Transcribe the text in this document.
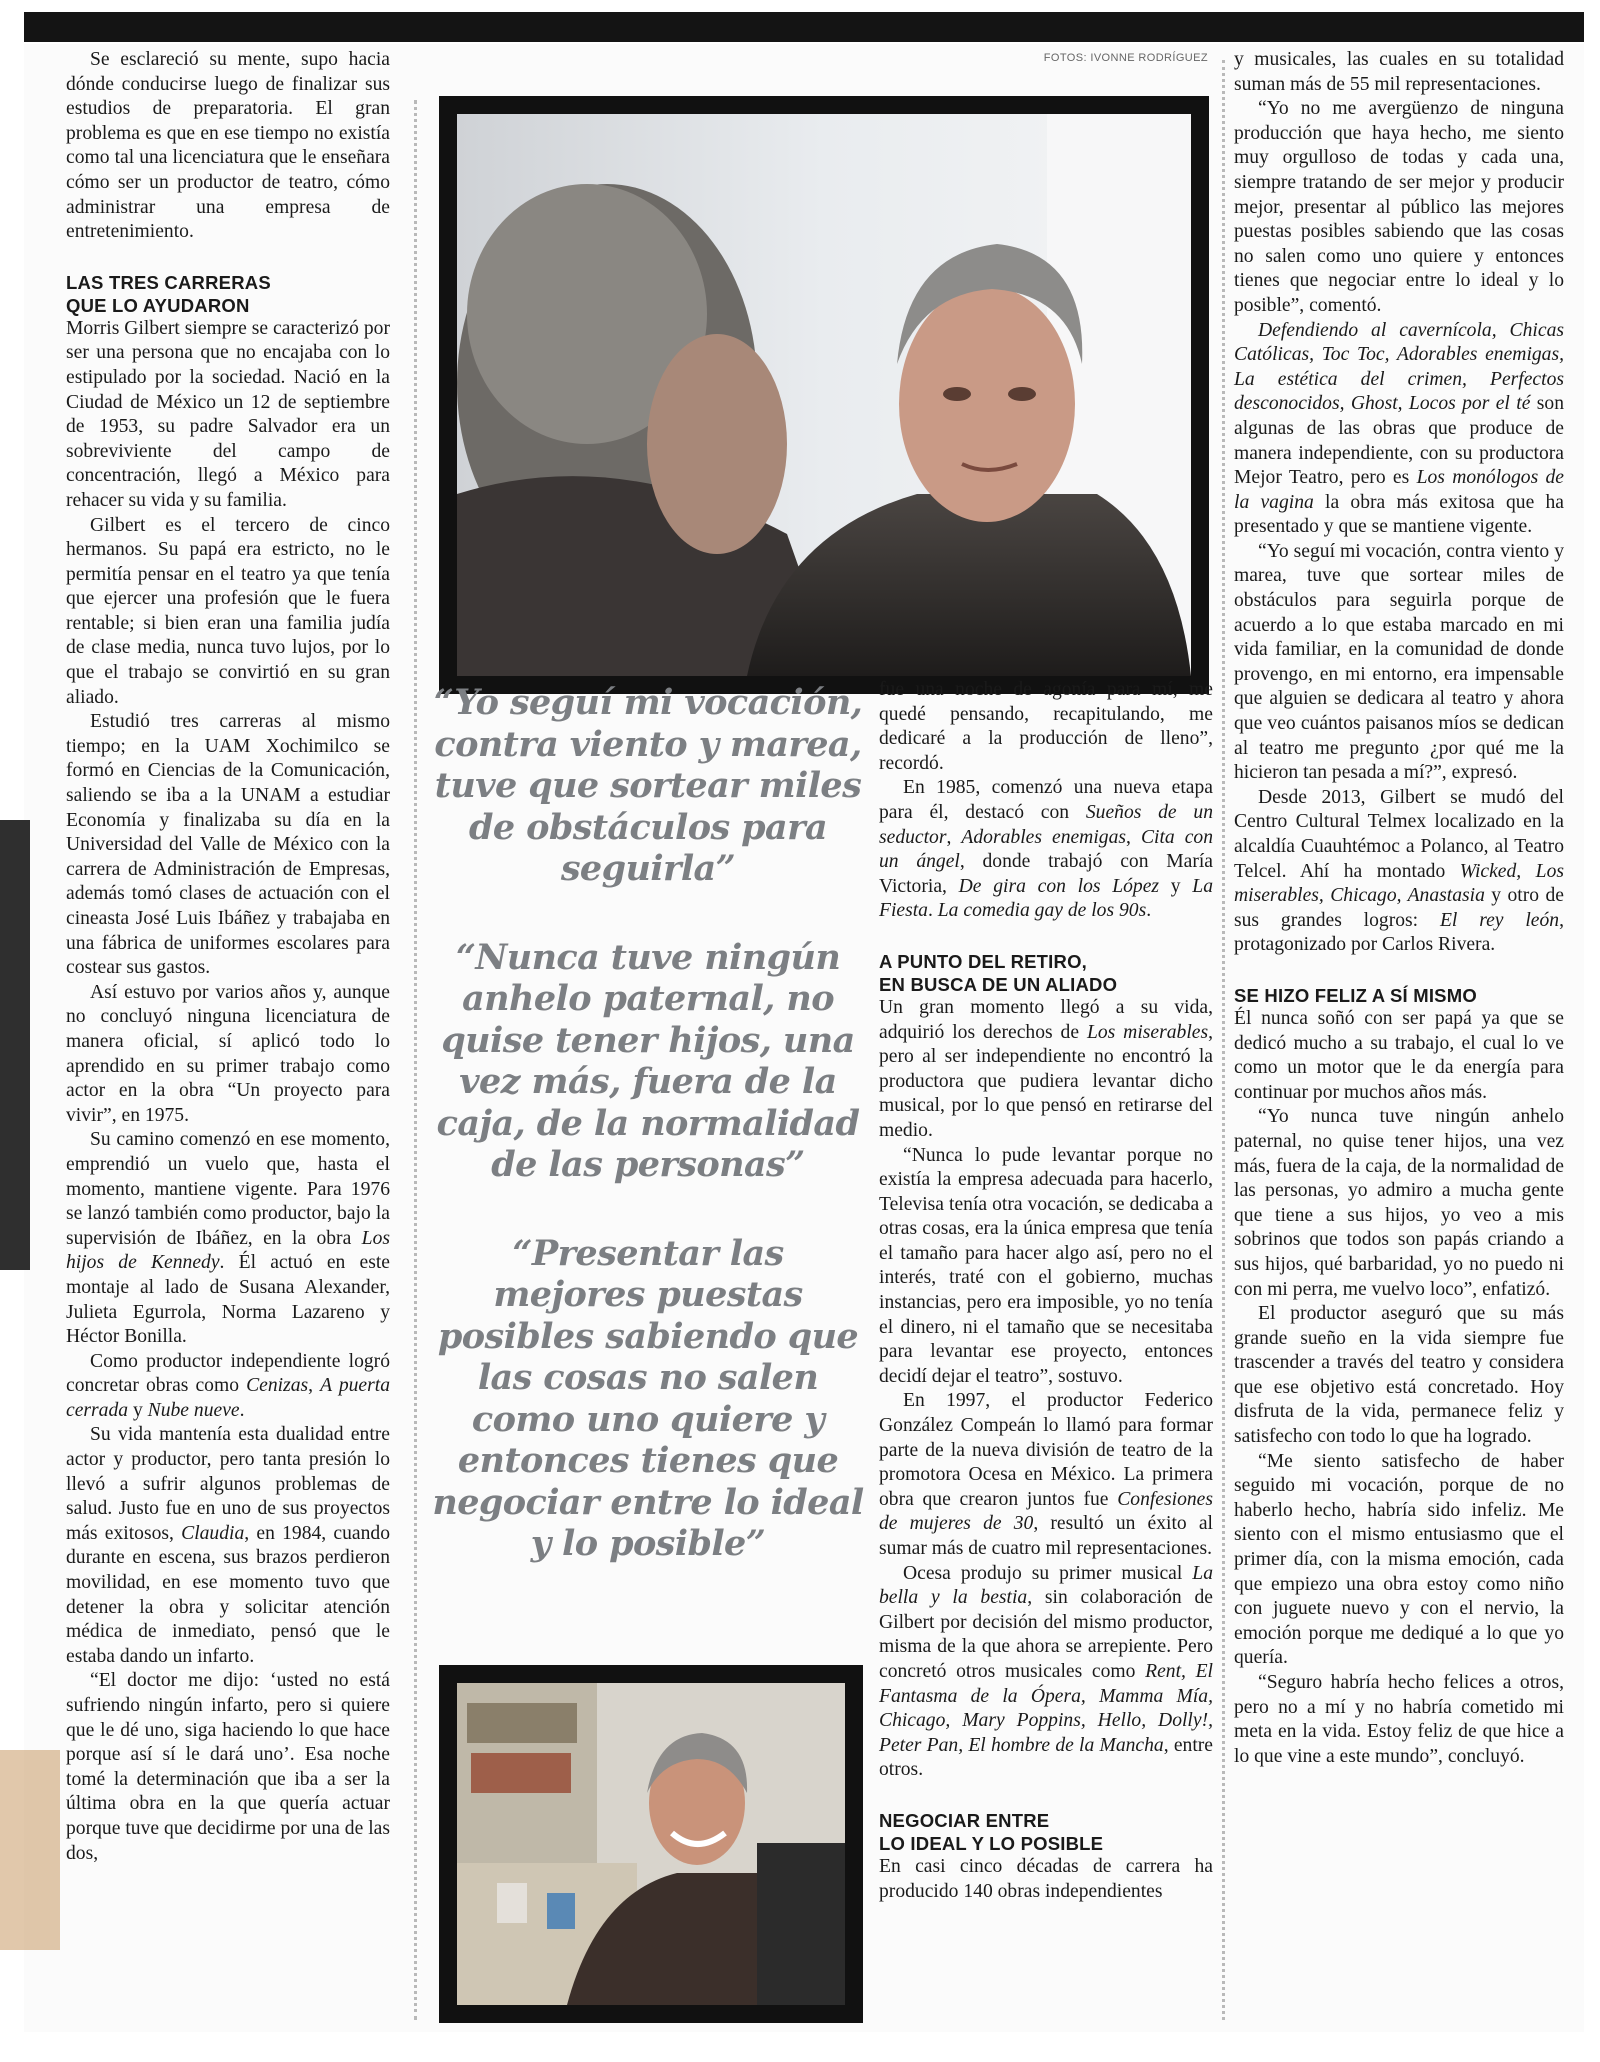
FOTOS: IVONNE RODRÍGUEZ

“Yo seguí mi vocación, contra viento y marea, tuve que sortear miles de obstáculos para seguirla”

“Nunca tuve ningún anhelo paternal, no quise tener hijos, una vez más, fuera de la caja, de la normalidad de las personas”

“Presentar las mejores puestas posibles sabiendo que las cosas no salen como uno quiere y entonces tienes que negociar entre lo ideal y lo posible”

Se esclareció su mente, supo hacia dónde conducirse luego de finalizar sus estudios de preparatoria. El gran problema es que en ese tiempo no existía como tal una licenciatura que le enseñara cómo ser un productor de teatro, cómo administrar una empresa de entretenimiento.

LAS TRES CARRERAS
QUE LO AYUDARON

Morris Gilbert siempre se caracterizó por ser una persona que no encajaba con lo estipulado por la sociedad. Nació en la Ciudad de México un 12 de septiembre de 1953, su padre Salvador era un sobreviviente del campo de concentración, llegó a México para rehacer su vida y su familia.

Gilbert es el tercero de cinco hermanos. Su papá era estricto, no le permitía pensar en el teatro ya que tenía que ejercer una profesión que le fuera rentable; si bien eran una familia judía de clase media, nunca tuvo lujos, por lo que el trabajo se convirtió en su gran aliado.

Estudió tres carreras al mismo tiempo; en la UAM Xochimilco se formó en Ciencias de la Comunicación, saliendo se iba a la UNAM a estudiar Economía y finalizaba su día en la Universidad del Valle de México con la carrera de Administración de Empresas, además tomó clases de actuación con el cineasta José Luis Ibáñez y trabajaba en una fábrica de uniformes escolares para costear sus gastos.

Así estuvo por varios años y, aunque no concluyó ninguna licenciatura de manera oficial, sí aplicó todo lo aprendido en su primer trabajo como actor en la obra “Un proyecto para vivir”, en 1975.

Su camino comenzó en ese momento, emprendió un vuelo que, hasta el momento, mantiene vigente. Para 1976 se lanzó también como productor, bajo la supervisión de Ibáñez, en la obra Los hijos de Kennedy. Él actuó en este montaje al lado de Susana Alexander, Julieta Egurrola, Norma Lazareno y Héctor Bonilla.

Como productor independiente logró concretar obras como Cenizas, A puerta cerrada y Nube nueve.

Su vida mantenía esta dualidad entre actor y productor, pero tanta presión lo llevó a sufrir algunos problemas de salud. Justo fue en uno de sus proyectos más exitosos, Claudia, en 1984, cuando durante en escena, sus brazos perdieron movilidad, en ese momento tuvo que detener la obra y solicitar atención médica de inmediato, pensó que le estaba dando un infarto.

“El doctor me dijo: ‘usted no está sufriendo ningún infarto, pero si quiere que le dé uno, siga haciendo lo que hace porque así sí le dará uno’. Esa noche tomé la determinación que iba a ser la última obra en la que quería actuar porque tuve que decidirme por una de las dos,

fue una noche de agonía para mí, me quedé pensando, recapitulando, me dedicaré a la producción de lleno”, recordó.

En 1985, comenzó una nueva etapa para él, destacó con Sueños de un seductor, Adorables enemigas, Cita con un ángel, donde trabajó con María Victoria, De gira con los López y La Fiesta. La comedia gay de los 90s.

A PUNTO DEL RETIRO,
EN BUSCA DE UN ALIADO

Un gran momento llegó a su vida, adquirió los derechos de Los miserables, pero al ser independiente no encontró la productora que pudiera levantar dicho musical, por lo que pensó en retirarse del medio.

“Nunca lo pude levantar porque no existía la empresa adecuada para hacerlo, Televisa tenía otra vocación, se dedicaba a otras cosas, era la única empresa que tenía el tamaño para hacer algo así, pero no el interés, traté con el gobierno, muchas instancias, pero era imposible, yo no tenía el dinero, ni el tamaño que se necesitaba para levantar ese proyecto, entonces decidí dejar el teatro”, sostuvo.

En 1997, el productor Federico González Compeán lo llamó para formar parte de la nueva división de teatro de la promotora Ocesa en México. La primera obra que crearon juntos fue Confesiones de mujeres de 30, resultó un éxito al sumar más de cuatro mil representaciones.

Ocesa produjo su primer musical La bella y la bestia, sin colaboración de Gilbert por decisión del mismo productor, misma de la que ahora se arrepiente. Pero concretó otros musicales como Rent, El Fantasma de la Ópera, Mamma Mía, Chicago, Mary Poppins, Hello, Dolly!, Peter Pan, El hombre de la Mancha, entre otros.

NEGOCIAR ENTRE
LO IDEAL Y LO POSIBLE

En casi cinco décadas de carrera ha producido 140 obras independientes

y musicales, las cuales en su totalidad suman más de 55 mil representaciones.

“Yo no me avergüenzo de ninguna producción que haya hecho, me siento muy orgulloso de todas y cada una, siempre tratando de ser mejor y producir mejor, presentar al público las mejores puestas posibles sabiendo que las cosas no salen como uno quiere y entonces tienes que negociar entre lo ideal y lo posible”, comentó.

Defendiendo al cavernícola, Chicas Católicas, Toc Toc, Adorables enemigas, La estética del crimen, Perfectos desconocidos, Ghost, Locos por el té son algunas de las obras que produce de manera independiente, con su productora Mejor Teatro, pero es Los monólogos de la vagina la obra más exitosa que ha presentado y que se mantiene vigente.

“Yo seguí mi vocación, contra viento y marea, tuve que sortear miles de obstáculos para seguirla porque de acuerdo a lo que estaba marcado en mi vida familiar, en la comunidad de donde provengo, en mi entorno, era impensable que alguien se dedicara al teatro y ahora que veo cuántos paisanos míos se dedican al teatro me pregunto ¿por qué me la hicieron tan pesada a mí?”, expresó.

Desde 2013, Gilbert se mudó del Centro Cultural Telmex localizado en la alcaldía Cuauhtémoc a Polanco, al Teatro Telcel. Ahí ha montado Wicked, Los miserables, Chicago, Anastasia y otro de sus grandes logros: El rey león, protagonizado por Carlos Rivera.

SE HIZO FELIZ A SÍ MISMO

Él nunca soñó con ser papá ya que se dedicó mucho a su trabajo, el cual lo ve como un motor que le da energía para continuar por muchos años más.

“Yo nunca tuve ningún anhelo paternal, no quise tener hijos, una vez más, fuera de la caja, de la normalidad de las personas, yo admiro a mucha gente que tiene a sus hijos, yo veo a mis sobrinos que todos son papás criando a sus hijos, qué barbaridad, yo no puedo ni con mi perra, me vuelvo loco”, enfatizó.

El productor aseguró que su más grande sueño en la vida siempre fue trascender a través del teatro y considera que ese objetivo está concretado. Hoy disfruta de la vida, permanece feliz y satisfecho con todo lo que ha logrado.

“Me siento satisfecho de haber seguido mi vocación, porque de no haberlo hecho, habría sido infeliz. Me siento con el mismo entusiasmo que el primer día, con la misma emoción, cada que empiezo una obra estoy como niño con juguete nuevo y con el nervio, la emoción porque me dediqué a lo que yo quería.

“Seguro habría hecho felices a otros, pero no a mí y no habría cometido mi meta en la vida. Estoy feliz de que hice a lo que vine a este mundo”, concluyó.
